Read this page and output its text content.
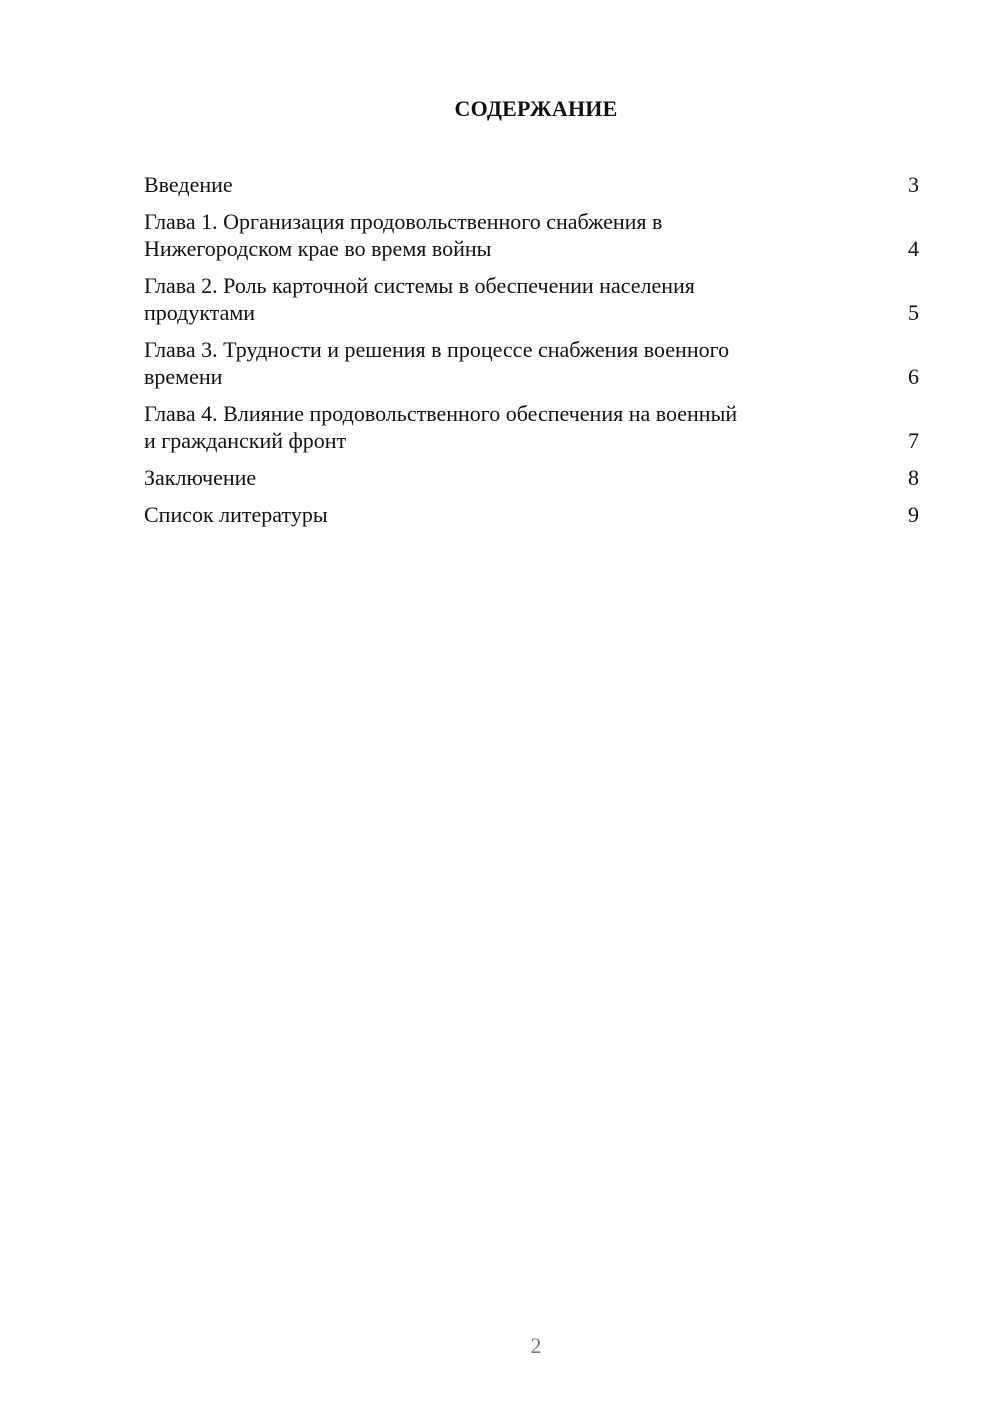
СОДЕРЖАНИЕ
Введение	3
Глава 1. Организация продовольственного снабжения в
Нижегородском крае во время войны	4
Глава 2. Роль карточной системы в обеспечении населения
продуктами	5
Глава 3. Трудности и решения в процессе снабжения военного
времени	6
Глава 4. Влияние продовольственного обеспечения на военный
и гражданский фронт	7
Заключение	8
Список литературы	9
2
